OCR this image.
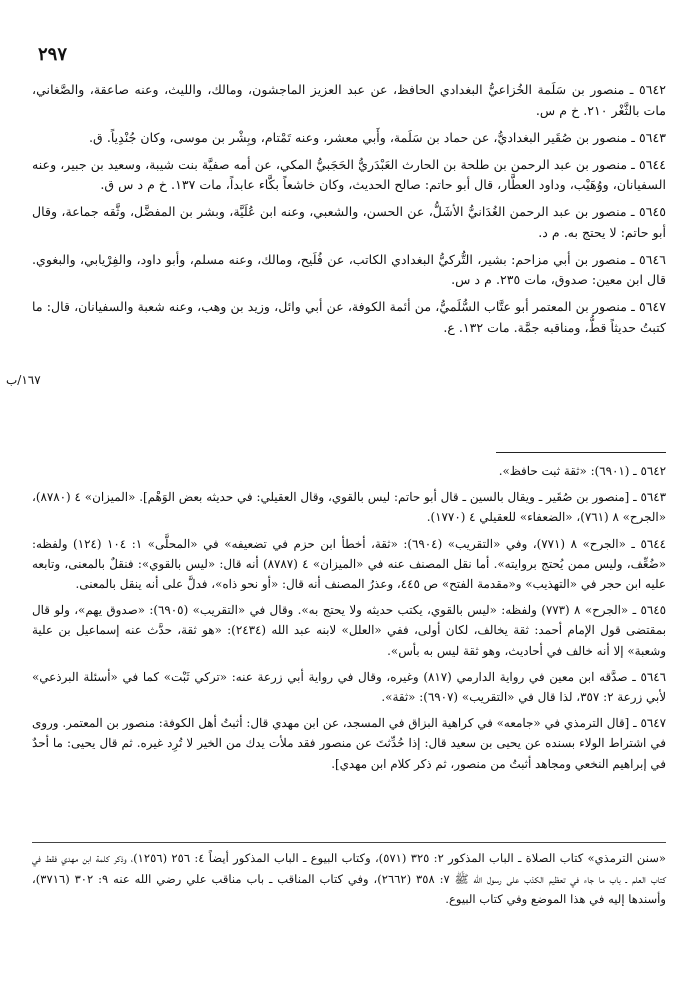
٢٩٧

٥٦٤٢ ـ منصور بن سَلَمة الخُزاعيُّ البغدادي الحافظ، عن عبد العزيز الماجشون، ومالك، والليث، وعنه صاعقة، والصَّغاني، مات بالثَّغْر ٢١٠. خ م س.

٥٦٤٣ ـ منصور بن صُقَير البغداديُّ، عن حماد بن سَلَمة، وأَبي معشر، وعنه تَمْتام، وبِشْر بن موسى، وكان جُنْدِياً. ق.

٥٦٤٤ ـ منصور بن عبد الرحمن بن طلحة بن الحارث العَبْدَريُّ الحَجَبيُّ المكي، عن أمه صفيَّة بنت شيبة، وسعيد بن جبير، وعنه السفيانان، ووُهَيْب، وداود العطَّار، قال أبو حاتم: صالح الحديث، وكان خاشعاً بكَّاء عابداً، مات ١٣٧. خ م د س ق.

٥٦٤٥ ـ منصور بن عبد الرحمن الغُدَانيُّ الأشَلُّ، عن الحسن، والشعبي، وعنه ابن عُلَيَّة، وبشر بن المفضَّل، وثَّقه جماعة، وقال أبو حاتم: لا يحتج به. م د.

٥٦٤٦ ـ منصور بن أبي مزاحم: بشير، التُّركيُّ البغدادي الكاتب، عن فُلَيح، ومالك، وعنه مسلم، وأبو داود، والفِرْيابي، والبغوي. قال ابن معين: صدوق، مات ٢٣٥. م د س.

٥٦٤٧ ـ منصور بن المعتمر أبو عتَّاب السُّلَميُّ، من أئمة الكوفة، عن أبي وائل، وزيد بن وهب، وعنه شعبة والسفيانان، قال: ما كتبتُ حديثاً قطُّ، ومناقبه جمَّة. مات ١٣٢. ع.

١٦٧/ب

٥٦٤٢ ـ (٦٩٠١): «ثقة ثبت حافظ».

٥٦٤٣ ـ [منصور بن صُقَير ـ ويقال بالسين ـ قال أبو حاتم: ليس بالقوي، وقال العقيلي: في حديثه بعض الوَهْم]. «الميزان» ٤ (٨٧٨٠)، «الجرح» ٨ (٧٦١)، «الضعفاء» للعقيلي ٤ (١٧٧٠).

٥٦٤٤ ـ «الجرح» ٨ (٧٧١)، وفي «التقريب» (٦٩٠٤): «ثقة، أخطأ ابن حزم في تضعيفه» في «المحلَّى» ١: ١٠٤ (١٢٤) ولفظه: «ضُعِّف، وليس ممن يُحتج بروايته». أما نقل المصنف عنه في «الميزان» ٤ (٨٧٨٧) أنه قال: «ليس بالقوي»: فنقلٌ بالمعنى، وتابعه عليه ابن حجر في «التهذيب» و«مقدمة الفتح» ص ٤٤٥، وعذرُ المصنف أنه قال: «أو نحو ذاه»، فدلَّ على أنه ينقل بالمعنى.

٥٦٤٥ ـ «الجرح» ٨ (٧٧٣) ولفظه: «ليس بالقوي، يكتب حديثه ولا يحتج به». وقال في «التقريب» (٦٩٠٥): «صدوق يهم»، ولو قال بمقتضى قول الإمام أحمد: ثقة يخالف، لكان أولى، ففي «العلل» لابنه عبد الله (٢٤٣٤): «هو ثقة، حدَّث عنه إسماعيل بن علية وشعبة» إلا أنه خالف في أحاديث، وهو ثقة ليس به بأس».

٥٦٤٦ ـ صدَّقه ابن معين في رواية الدارمي (٨١٧) وغيره، وقال في رواية أبي زرعة عنه: «تركي ثَبْت» كما في «أسئلة البرذعي» لأبي زرعة ٢: ٣٥٧، لذا قال في «التقريب» (٦٩٠٧): «ثقة».

٥٦٤٧ ـ [قال الترمذي في «جامعه» في كراهية البزاق في المسجد، عن ابن مهدي قال: أثبتُ أهل الكوفة: منصور بن المعتمر. وروى في اشتراط الولاء بسنده عن يحيى بن سعيد قال: إذا حُدِّثتَ عن منصور فقد ملأت يدك من الخير لا تُرِد غيره. ثم قال يحيى: ما أحدٌ في إبراهيم النخعي ومجاهد أثبتُ من منصور، ثم ذكر كلام ابن مهدي].

«سنن الترمذي» كتاب الصلاة ـ الباب المذكور ٢: ٣٢٥ (٥٧١)، وكتاب البيوع ـ الباب المذكور أيضاً ٤: ٢٥٦ (١٢٥٦)، وذكر كلمة ابن مهدي فقط في كتاب العلم ـ باب ما جاء في تعظيم الكذب على رسول الله ﷺ ٧: ٣٥٨ (٢٦٦٢)، وفي كتاب المناقب ـ باب مناقب علي رضي الله عنه ٩: ٣٠٢ (٣٧١٦)، وأسندها إليه في هذا الموضع وفي كتاب البيوع.
